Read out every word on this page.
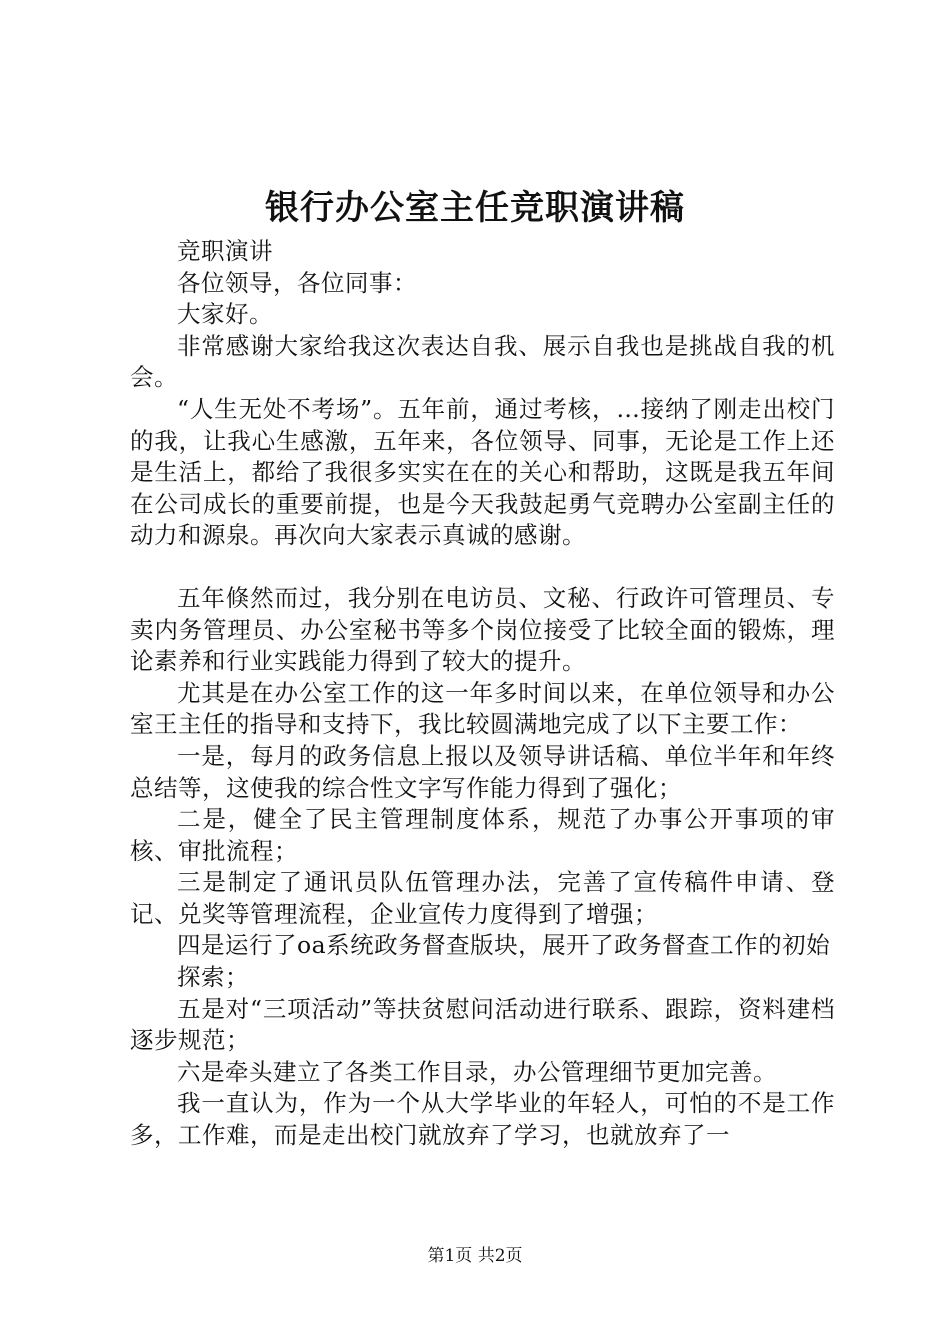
银行办公室主任竞职演讲稿

竞职演讲

各位领导，各位同事：

大家好。

非常感谢大家给我这次表达自我、展示自我也是挑战自我的机会。

“人生无处不考场”。五年前，通过考核，…接纳了刚走出校门的我，让我心生感激，五年来，各位领导、同事，无论是工作上还是生活上，都给了我很多实实在在的关心和帮助，这既是我五年间在公司成长的重要前提，也是今天我鼓起勇气竞聘办公室副主任的动力和源泉。再次向大家表示真诚的感谢。

五年倏然而过，我分别在电访员、文秘、行政许可管理员、专卖内务管理员、办公室秘书等多个岗位接受了比较全面的锻炼，理论素养和行业实践能力得到了较大的提升。

尤其是在办公室工作的这一年多时间以来，在单位领导和办公室王主任的指导和支持下，我比较圆满地完成了以下主要工作：

一是，每月的政务信息上报以及领导讲话稿、单位半年和年终总结等，这使我的综合性文字写作能力得到了强化；

二是，健全了民主管理制度体系，规范了办事公开事项的审核、审批流程；

三是制定了通讯员队伍管理办法，完善了宣传稿件申请、登记、兑奖等管理流程，企业宣传力度得到了增强；

四是运行了oa系统政务督查版块，展开了政务督查工作的初始

探索；

五是对“三项活动”等扶贫慰问活动进行联系、跟踪，资料建档逐步规范；

六是牵头建立了各类工作目录，办公管理细节更加完善。

我一直认为，作为一个从大学毕业的年轻人，可怕的不是工作多，工作难，而是走出校门就放弃了学习，也就放弃了一

第1页 共2页
